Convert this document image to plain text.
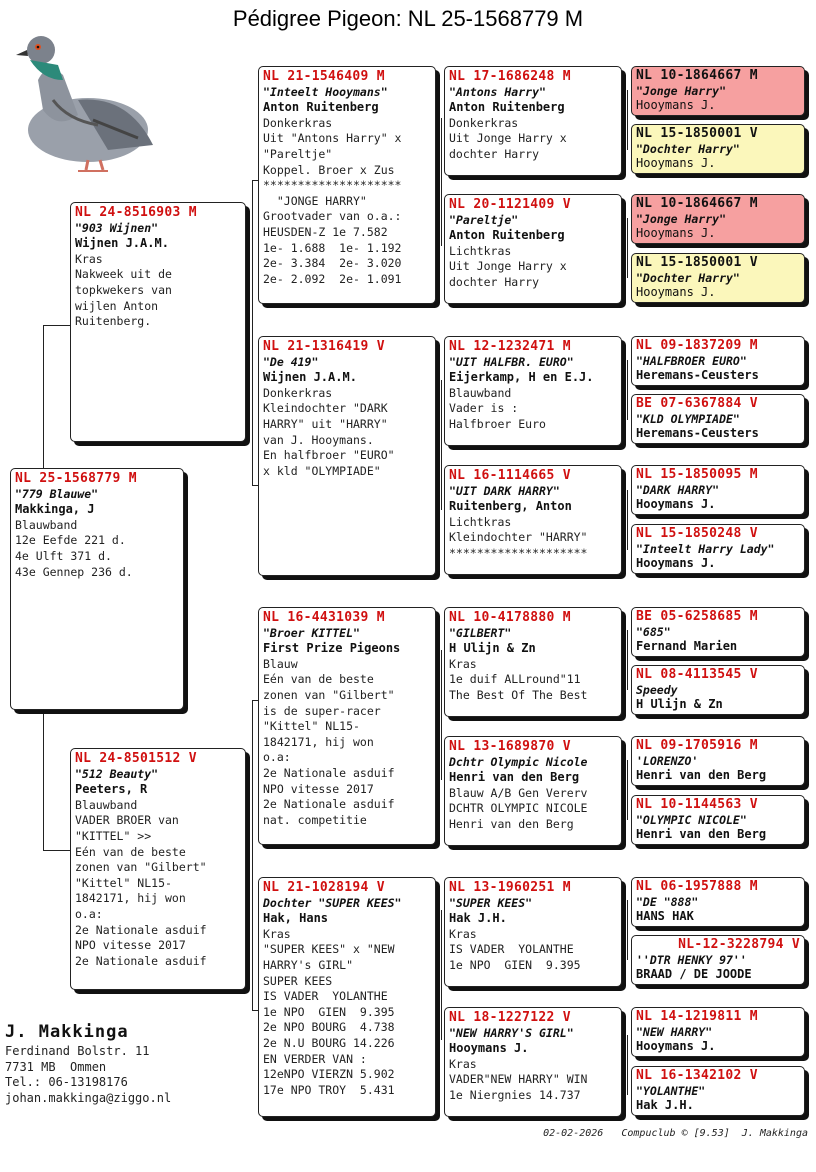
Pédigree Pigeon: NL 25-1568779 M
NL 25-1568779 M
"779 Blauwe"
Makkinga, J
Blauwband
12e Eefde 221 d.
4e Ulft 371 d.
43e Gennep 236 d.
NL 24-8516903 M
"903 Wijnen"
Wijnen J.A.M.
Kras
Nakweek uit de
topkwekers van
wijlen Anton
Ruitenberg.
NL 24-8501512 V
"512 Beauty"
Peeters, R
Blauwband
VADER BROER van
"KITTEL" >>
Eén van de beste
zonen van "Gilbert"
"Kittel" NL15-
1842171, hij won
o.a:
2e Nationale asduif
NPO vitesse 2017
2e Nationale asduif
NL 21-1546409 M
"Inteelt Hooymans"
Anton Ruitenberg
Donkerkras
Uit "Antons Harry" x
"Pareltje"
Koppel. Broer x Zus
********************
"JONGE HARRY"
Grootvader van o.a.:
HEUSDEN-Z 1e 7.582
1e- 1.688  1e- 1.192
2e- 3.384  2e- 3.020
2e- 2.092  2e- 1.091
NL 21-1316419 V
"De 419"
Wijnen J.A.M.
Donkerkras
Kleindochter "DARK
HARRY" uit "HARRY"
van J. Hooymans.
En halfbroer "EURO"
x kld "OLYMPIADE"
NL 16-4431039 M
"Broer KITTEL"
First Prize Pigeons
Blauw
Eén van de beste
zonen van "Gilbert"
is de super-racer
"Kittel" NL15-
1842171, hij won
o.a:
2e Nationale asduif
NPO vitesse 2017
2e Nationale asduif
nat. competitie
NL 21-1028194 V
Dochter "SUPER KEES"
Hak, Hans
Kras
"SUPER KEES" x "NEW
HARRY's GIRL"
SUPER KEES
IS VADER  YOLANTHE
1e NPO  GIEN  9.395
2e NPO BOURG  4.738
2e N.U BOURG 14.226
EN VERDER VAN :
12eNPO VIERZN 5.902
17e NPO TROY  5.431
NL 17-1686248 M
"Antons Harry"
Anton Ruitenberg
Donkerkras
Uit Jonge Harry x
dochter Harry
NL 20-1121409 V
"Pareltje"
Anton Ruitenberg
Lichtkras
Uit Jonge Harry x
dochter Harry
NL 12-1232471 M
"UIT HALFBR. EURO"
Eijerkamp, H en E.J.
Blauwband
Vader is :
Halfbroer Euro
NL 16-1114665 V
"UIT DARK HARRY"
Ruitenberg, Anton
Lichtkras
Kleindochter "HARRY"
********************
NL 10-4178880 M
"GILBERT"
H Ulijn & Zn
Kras
1e duif ALLround"11
The Best Of The Best
NL 13-1689870 V
Dchtr Olympic Nicole
Henri van den Berg
Blauw A/B Gen Vererv
DCHTR OLYMPIC NICOLE
Henri van den Berg
NL 13-1960251 M
"SUPER KEES"
Hak J.H.
Kras
IS VADER  YOLANTHE
1e NPO  GIEN  9.395
NL 18-1227122 V
"NEW HARRY'S GIRL"
Hooymans J.
Kras
VADER"NEW HARRY" WIN
1e Niergnies 14.737
NL 10-1864667 M
"Jonge Harry"
Hooymans J.
NL 15-1850001 V
"Dochter Harry"
Hooymans J.
NL 10-1864667 M
"Jonge Harry"
Hooymans J.
NL 15-1850001 V
"Dochter Harry"
Hooymans J.
NL 09-1837209 M
"HALFBROER EURO"
Heremans-Ceusters
BE 07-6367884 V
"KLD OLYMPIADE"
Heremans-Ceusters
NL 15-1850095 M
"DARK HARRY"
Hooymans J.
NL 15-1850248 V
"Inteelt Harry Lady"
Hooymans J.
BE 05-6258685 M
"685"
Fernand Marien
NL 08-4113545 V
Speedy
H Ulijn & Zn
NL 09-1705916 M
'LORENZO'
Henri van den Berg
NL 10-1144563 V
"OLYMPIC NICOLE"
Henri van den Berg
NL 06-1957888 M
"DE "888"
HANS HAK
NL-12-3228794 V
''DTR HENKY 97''
BRAAD / DE JOODE
NL 14-1219811 M
"NEW HARRY"
Hooymans J.
NL 16-1342102 V
"YOLANTHE"
Hak J.H.
J. Makkinga
Ferdinand Bolstr. 11
7731 MB  Ommen
Tel.: 06-13198176
johan.makkinga@ziggo.nl
02-02-2026   Compuclub © [9.53]  J. Makkinga
